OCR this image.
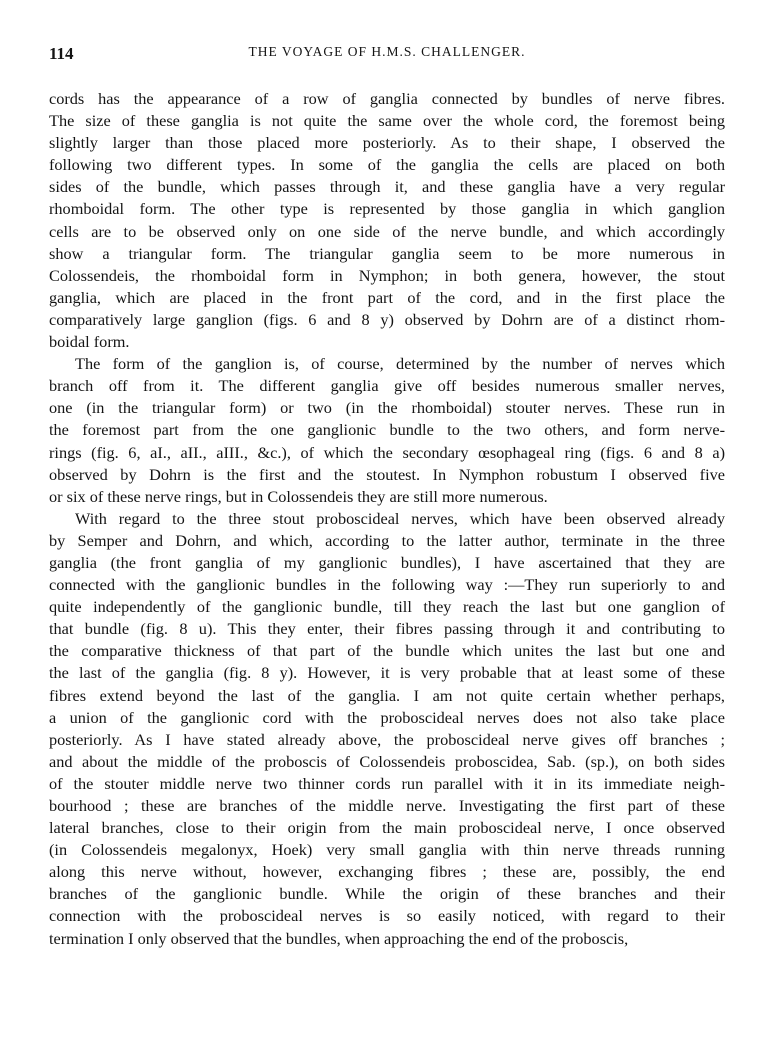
114	THE VOYAGE OF H.M.S. CHALLENGER.
cords has the appearance of a row of ganglia connected by bundles of nerve fibres.
The size of these ganglia is not quite the same over the whole cord, the foremost being
slightly larger than those placed more posteriorly. As to their shape, I observed the
following two different types. In some of the ganglia the cells are placed on both
sides of the bundle, which passes through it, and these ganglia have a very regular
rhomboidal form. The other type is represented by those ganglia in which ganglion
cells are to be observed only on one side of the nerve bundle, and which accordingly
show a triangular form. The triangular ganglia seem to be more numerous in
Colossendeis, the rhomboidal form in Nymphon; in both genera, however, the stout
ganglia, which are placed in the front part of the cord, and in the first place the
comparatively large ganglion (figs. 6 and 8 y) observed by Dohrn are of a distinct rhom-
boidal form.
The form of the ganglion is, of course, determined by the number of nerves which
branch off from it. The different ganglia give off besides numerous smaller nerves,
one (in the triangular form) or two (in the rhomboidal) stouter nerves. These run in
the foremost part from the one ganglionic bundle to the two others, and form nerve-
rings (fig. 6, aI., aII., aIII., &c.), of which the secondary œsophageal ring (figs. 6 and 8 a)
observed by Dohrn is the first and the stoutest. In Nymphon robustum I observed five
or six of these nerve rings, but in Colossendeis they are still more numerous.
With regard to the three stout proboscideal nerves, which have been observed already
by Semper and Dohrn, and which, according to the latter author, terminate in the three
ganglia (the front ganglia of my ganglionic bundles), I have ascertained that they are
connected with the ganglionic bundles in the following way :—They run superiorly to and
quite independently of the ganglionic bundle, till they reach the last but one ganglion of
that bundle (fig. 8 u). This they enter, their fibres passing through it and contributing to
the comparative thickness of that part of the bundle which unites the last but one and
the last of the ganglia (fig. 8 y). However, it is very probable that at least some of these
fibres extend beyond the last of the ganglia. I am not quite certain whether perhaps,
a union of the ganglionic cord with the proboscideal nerves does not also take place
posteriorly. As I have stated already above, the proboscideal nerve gives off branches ;
and about the middle of the proboscis of Colossendeis proboscidea, Sab. (sp.), on both sides
of the stouter middle nerve two thinner cords run parallel with it in its immediate neigh-
bourhood ; these are branches of the middle nerve. Investigating the first part of these
lateral branches, close to their origin from the main proboscideal nerve, I once observed
(in Colossendeis megalonyx, Hoek) very small ganglia with thin nerve threads running
along this nerve without, however, exchanging fibres ; these are, possibly, the end
branches of the ganglionic bundle. While the origin of these branches and their
connection with the proboscideal nerves is so easily noticed, with regard to their
termination I only observed that the bundles, when approaching the end of the proboscis,
